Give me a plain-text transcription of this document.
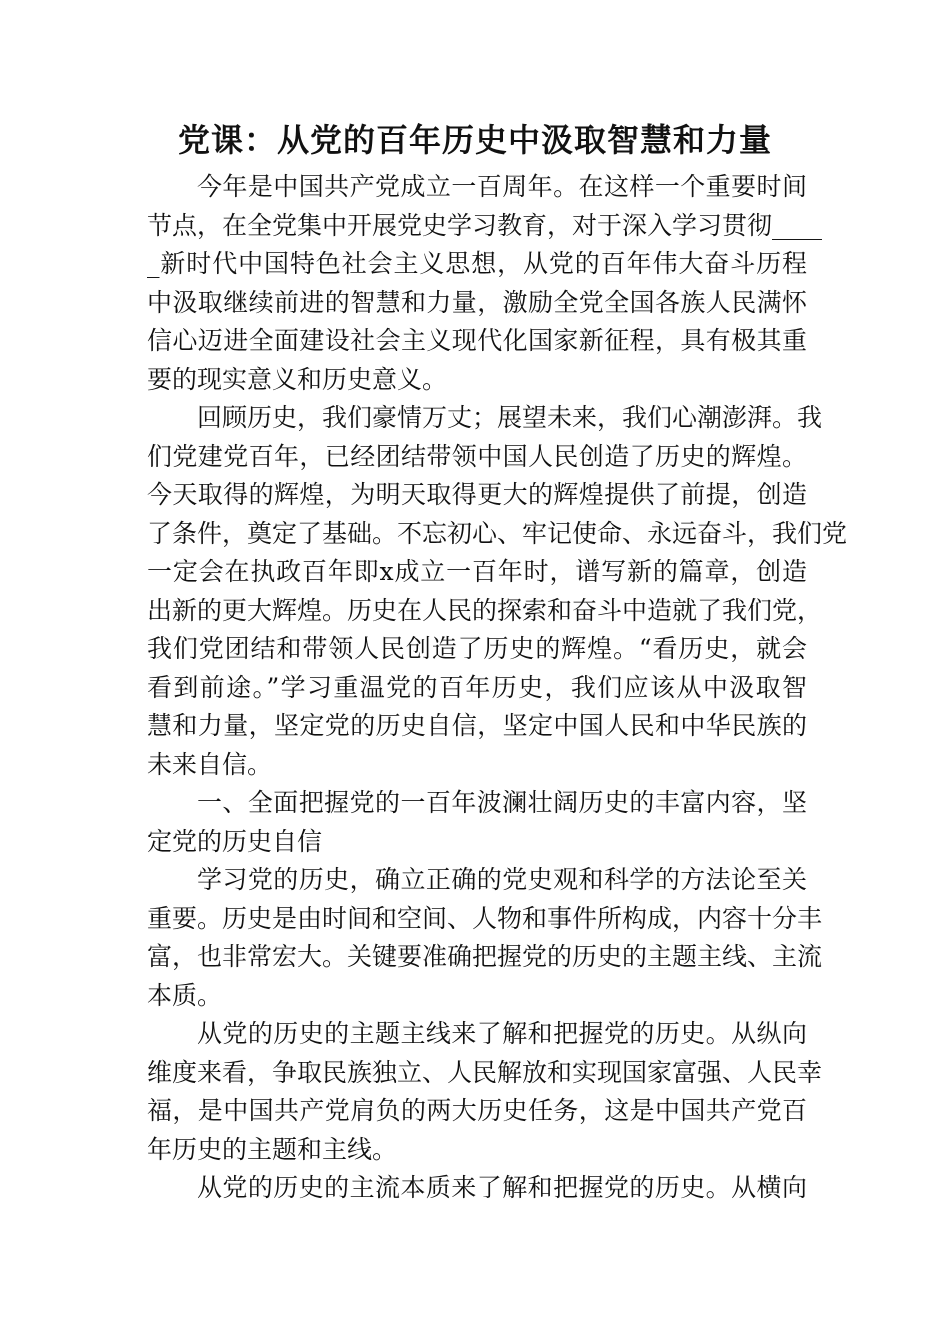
党课：从党的百年历史中汲取智慧和力量
今年是中国共产党成立一百周年。在这样一个重要时间
节点，在全党集中开展党史学习教育，对于深入学习贯彻____
_新时代中国特色社会主义思想，从党的百年伟大奋斗历程
中汲取继续前进的智慧和力量，激励全党全国各族人民满怀
信心迈进全面建设社会主义现代化国家新征程，具有极其重
要的现实意义和历史意义。
回顾历史，我们豪情万丈；展望未来，我们心潮澎湃。我
们党建党百年，已经团结带领中国人民创造了历史的辉煌。
今天取得的辉煌，为明天取得更大的辉煌提供了前提，创造
了条件，奠定了基础。不忘初心、牢记使命、永远奋斗，我们党
一定会在执政百年即x成立一百年时，谱写新的篇章，创造
出新的更大辉煌。历史在人民的探索和奋斗中造就了我们党，
我们党团结和带领人民创造了历史的辉煌。“看历史，就会
看到前途。”学习重温党的百年历史，我们应该从中汲取智
慧和力量，坚定党的历史自信，坚定中国人民和中华民族的
未来自信。
一、全面把握党的一百年波澜壮阔历史的丰富内容，坚
定党的历史自信
学习党的历史，确立正确的党史观和科学的方法论至关
重要。历史是由时间和空间、人物和事件所构成，内容十分丰
富，也非常宏大。关键要准确把握党的历史的主题主线、主流
本质。
从党的历史的主题主线来了解和把握党的历史。从纵向
维度来看，争取民族独立、人民解放和实现国家富强、人民幸
福，是中国共产党肩负的两大历史任务，这是中国共产党百
年历史的主题和主线。
从党的历史的主流本质来了解和把握党的历史。从横向
